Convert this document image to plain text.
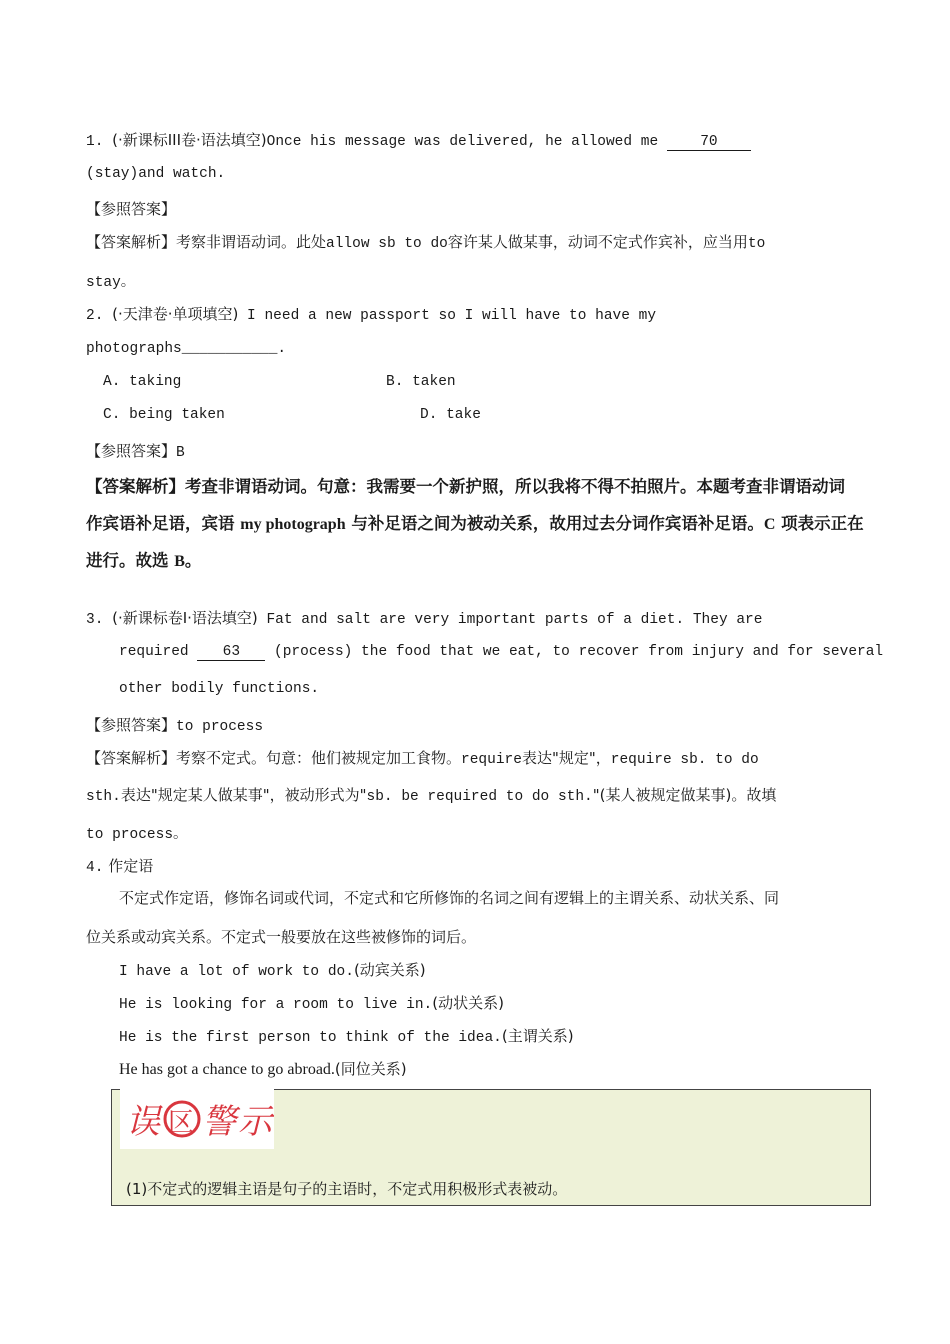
1. (·新课标III卷·语法填空)Once his message was delivered, he allowed me 70
(stay)and watch.
【参照答案】
【答案解析】考察非谓语动词。此处allow sb to do容许某人做某事，动词不定式作宾补，应当用to
stay。
2. (·天津卷·单项填空) I need a new passport so I will have to have my
photographs___________.
A. taking	B. taken
C. being taken	D. take
【参照答案】B
【答案解析】考查非谓语动词。句意：我需要一个新护照，所以我将不得不拍照片。本题考查非谓语动词
作宾语补足语，宾语 my photograph 与补足语之间为被动关系，故用过去分词作宾语补足语。C 项表示正在
进行。故选 B。
3. (·新课标卷I·语法填空) Fat and salt are very important parts of a diet. They are
required 63 (process) the food that we eat, to recover from injury and for several
other bodily functions.
【参照答案】to process
【答案解析】考察不定式。句意：他们被规定加工食物。require表达"规定"，require sb. to do
sth.表达"规定某人做某事"，被动形式为"sb. be required to do sth."(某人被规定做某事)。故填
to process。
4. 作定语
不定式作定语，修饰名词或代词，不定式和它所修饰的名词之间有逻辑上的主谓关系、动状关系、同
位关系或动宾关系。不定式一般要放在这些被修饰的词后。
I have a lot of work to do.(动宾关系)
He is looking for a room to live in.(动状关系)
He is the first person to think of the idea.(主谓关系)
He has got a chance to go abroad.(同位关系)
误 区 警 示
(1)不定式的逻辑主语是句子的主语时，不定式用积极形式表被动。
